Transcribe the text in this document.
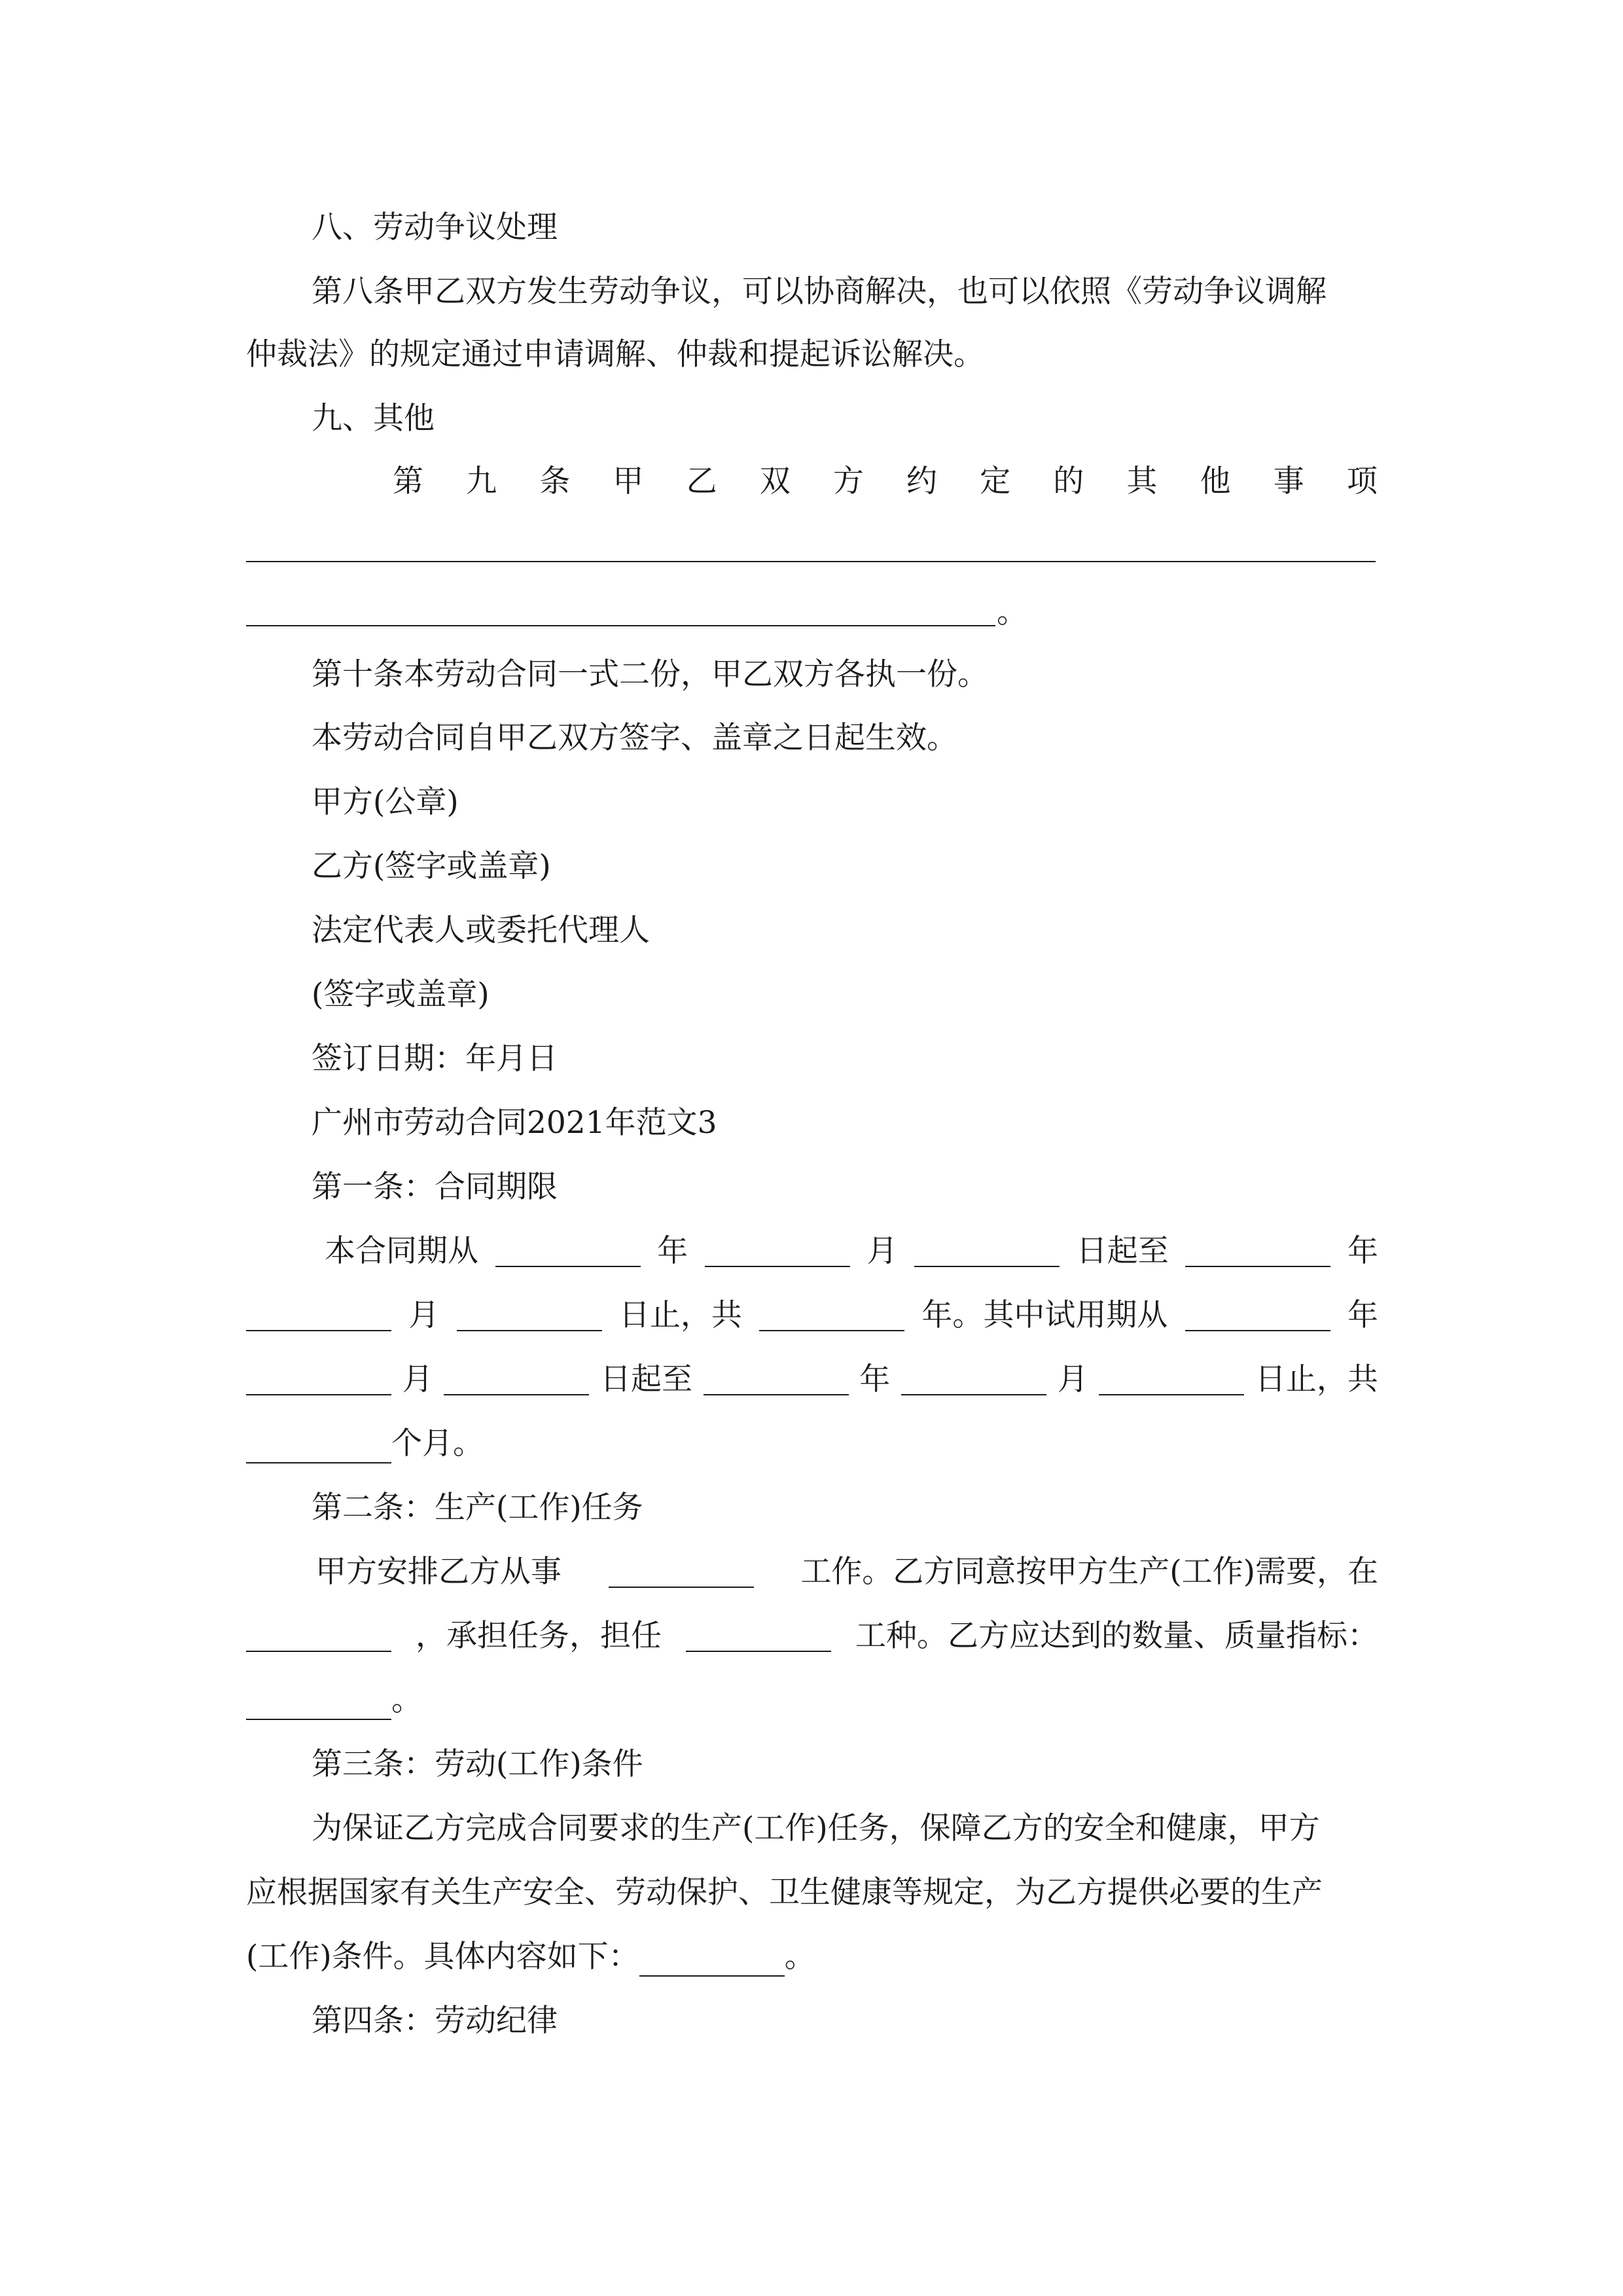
八、劳动争议处理
第八条甲乙双方发生劳动争议，可以协商解决，也可以依照《劳动争议调解
仲裁法》的规定通过申请调解、仲裁和提起诉讼解决。
九、其他
第 九 条 甲 乙 双 方 约 定 的 其 他 事 项
。
第十条本劳动合同一式二份，甲乙双方各执一份。
本劳动合同自甲乙双方签字、盖章之日起生效。
甲方(公章)
乙方(签字或盖章)
法定代表人或委托代理人
(签字或盖章)
签订日期：年月日
广州市劳动合同2021年范文3
第一条：合同期限
本合同期从	年	月	日起至	年
月	日止，共	年。其中试用期从	年
月	日起至	年	月	日止，共
个月。
第二条：生产(工作)任务
甲方安排乙方从事	工作。乙方同意按甲方生产(工作)需要，在
，承担任务，担任	工种。乙方应达到的数量、质量指标：
。
第三条：劳动(工作)条件
为保证乙方完成合同要求的生产(工作)任务，保障乙方的安全和健康，甲方
应根据国家有关生产安全、劳动保护、卫生健康等规定，为乙方提供必要的生产
(工作)条件。具体内容如下：	。
第四条：劳动纪律
